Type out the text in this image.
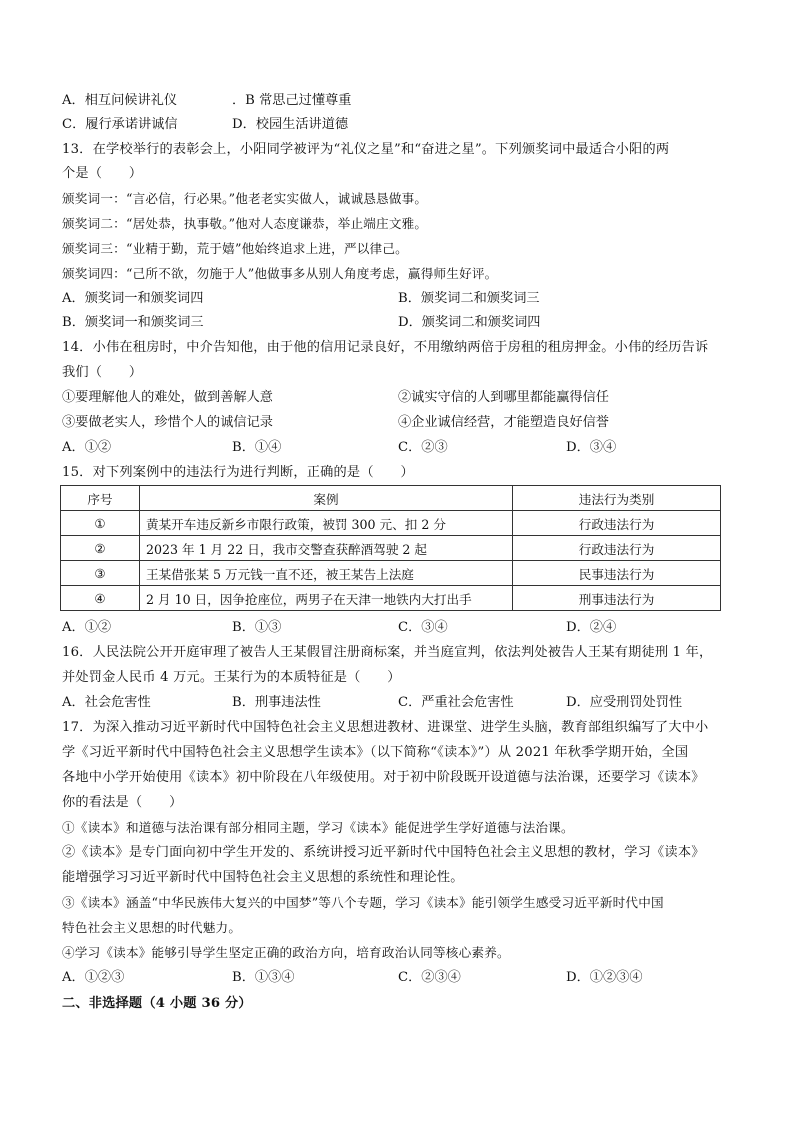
A．相互问候讲礼仪	．B 常思己过懂尊重
C．履行承诺讲诚信	D．校园生活讲道德
13．在学校举行的表彰会上，小阳同学被评为“礼仪之星”和“奋进之星”。下列颁奖词中最适合小阳的两
个是（　　）
颁奖词一：“言必信，行必果。”他老老实实做人，诚诚恳恳做事。
颁奖词二：“居处恭，执事敬。”他对人态度谦恭，举止端庄文雅。
颁奖词三：“业精于勤，荒于嬉”他始终追求上进，严以律己。
颁奖词四：“己所不欲，勿施于人”他做事多从别人角度考虑，赢得师生好评。
A．颁奖词一和颁奖词四	B．颁奖词二和颁奖词三
B．颁奖词一和颁奖词三	D．颁奖词二和颁奖词四
14．小伟在租房时，中介告知他，由于他的信用记录良好，不用缴纳两倍于房租的租房押金。小伟的经历告诉
我们（　　）
①要理解他人的难处，做到善解人意	②诚实守信的人到哪里都能赢得信任
③要做老实人，珍惜个人的诚信记录	④企业诚信经营，才能塑造良好信誉
A．①②	B．①④	C．②③	D．③④
15．对下列案例中的违法行为进行判断，正确的是（　　）
序号	案例	违法行为类别
①	黄某开车违反新乡市限行政策，被罚 300 元、扣 2 分	行政违法行为
②	2023 年 1 月 22 日，我市交警查获醉酒驾驶 2 起	行政违法行为
③	王某借张某 5 万元钱一直不还，被王某告上法庭	民事违法行为
④	2 月 10 日，因争抢座位，两男子在天津一地铁内大打出手	刑事违法行为
A．①②	B．①③	C．③④	D．②④
16．人民法院公开开庭审理了被告人王某假冒注册商标案，并当庭宣判，依法判处被告人王某有期徒刑 1 年，
并处罚金人民币 4 万元。王某行为的本质特征是（　　）
A．社会危害性	B．刑事违法性	C．严重社会危害性	D．应受刑罚处罚性
17．为深入推动习近平新时代中国特色社会主义思想进教材、进课堂、进学生头脑，教育部组织编写了大中小
学《习近平新时代中国特色社会主义思想学生读本》（以下简称“《读本》”）从 2021 年秋季学期开始，全国
各地中小学开始使用《读本》初中阶段在八年级使用。对于初中阶段既开设道德与法治课，还要学习《读本》
你的看法是（　　）
①《读本》和道德与法治课有部分相同主题，学习《读本》能促进学生学好道德与法治课。
②《读本》是专门面向初中学生开发的、系统讲授习近平新时代中国特色社会主义思想的教材，学习《读本》
能增强学习习近平新时代中国特色社会主义思想的系统性和理论性。
③《读本》涵盖“中华民族伟大复兴的中国梦”等八个专题，学习《读本》能引领学生感受习近平新时代中国
特色社会主义思想的时代魅力。
④学习《读本》能够引导学生坚定正确的政治方向，培育政治认同等核心素养。
A．①②③	B．①③④	C．②③④	D．①②③④
二、非选择题（4 小题 36 分）
